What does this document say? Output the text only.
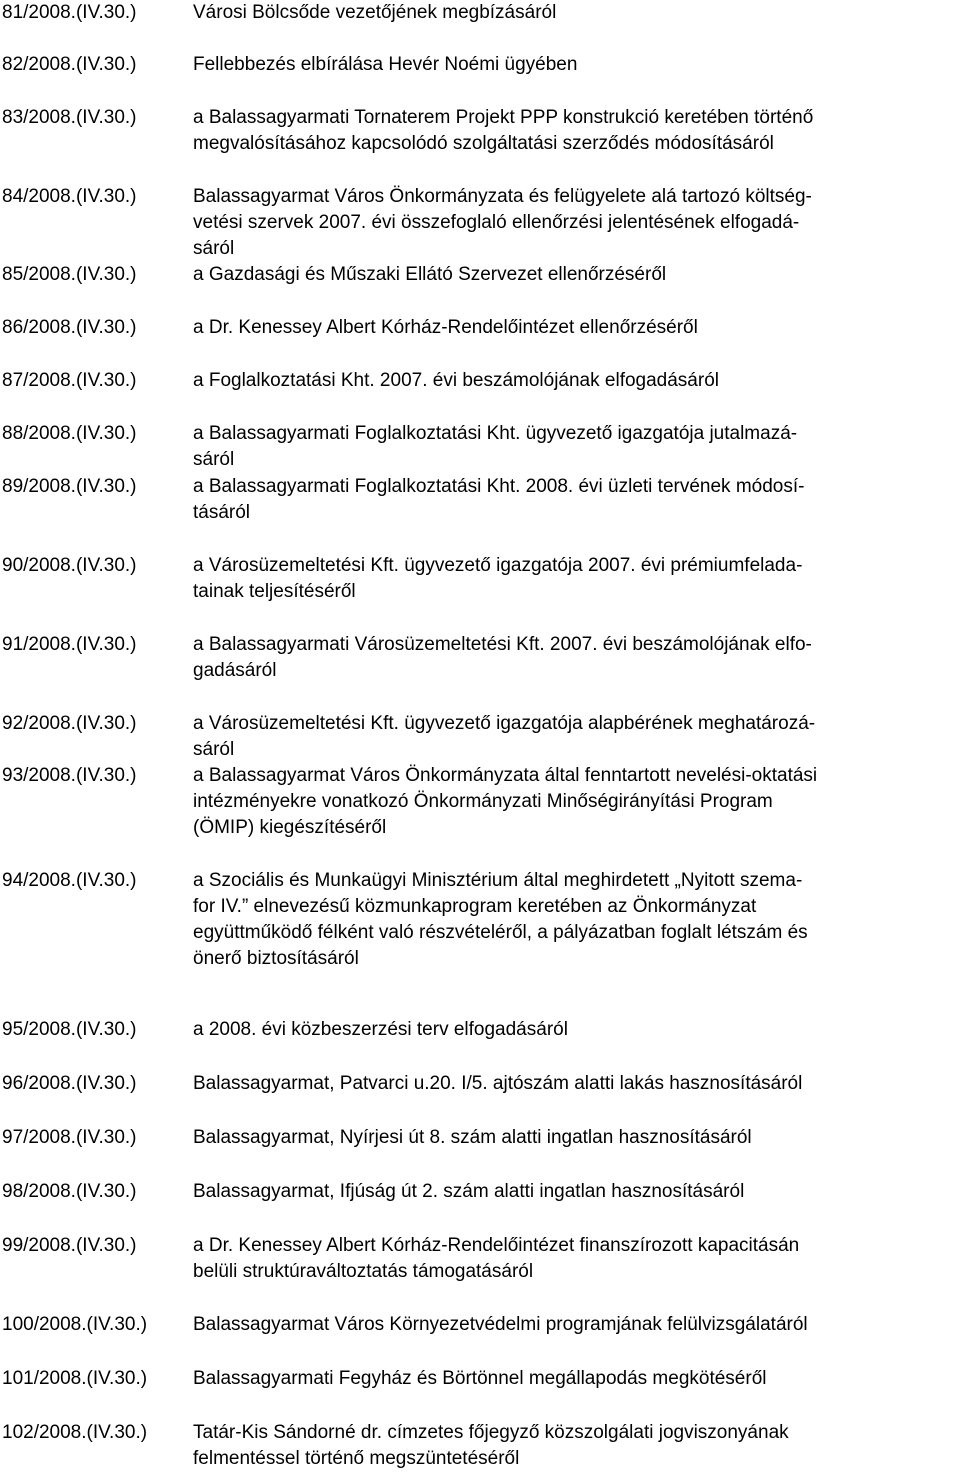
81/2008.(IV.30.)	Városi Bölcsőde vezetőjének megbízásáról
82/2008.(IV.30.)	Fellebbezés elbírálása Hevér Noémi ügyében
83/2008.(IV.30.)	a Balassagyarmati Tornaterem Projekt PPP konstrukció keretében történő
megvalósításához kapcsolódó szolgáltatási szerződés módosításáról
84/2008.(IV.30.)	Balassagyarmat Város Önkormányzata és felügyelete alá tartozó költség-
vetési szervek 2007. évi összefoglaló ellenőrzési jelentésének elfogadá-
sáról
85/2008.(IV.30.)	a Gazdasági és Műszaki Ellátó Szervezet ellenőrzéséről
86/2008.(IV.30.)	a Dr. Kenessey Albert Kórház-Rendelőintézet ellenőrzéséről
87/2008.(IV.30.)	a Foglalkoztatási Kht. 2007. évi beszámolójának elfogadásáról
88/2008.(IV.30.)	a Balassagyarmati Foglalkoztatási Kht. ügyvezető igazgatója jutalmazá-
sáról
89/2008.(IV.30.)	a Balassagyarmati Foglalkoztatási Kht. 2008. évi üzleti tervének módosí-
tásáról
90/2008.(IV.30.)	a Városüzemeltetési Kft. ügyvezető igazgatója 2007. évi prémiumfelada-
tainak teljesítéséről
91/2008.(IV.30.)	a Balassagyarmati Városüzemeltetési Kft. 2007. évi beszámolójának elfo-
gadásáról
92/2008.(IV.30.)	a Városüzemeltetési Kft. ügyvezető igazgatója alapbérének meghatározá-
sáról
93/2008.(IV.30.)	a Balassagyarmat Város Önkormányzata által fenntartott nevelési-oktatási
intézményekre vonatkozó Önkormányzati Minőségirányítási Program
(ÖMIP) kiegészítéséről
94/2008.(IV.30.)	a Szociális és Munkaügyi Minisztérium által meghirdetett „Nyitott szema-
for IV.” elnevezésű közmunkaprogram keretében az Önkormányzat
együttműködő félként való részvételéről, a pályázatban foglalt létszám és
önerő biztosításáról
95/2008.(IV.30.)	a 2008. évi közbeszerzési terv elfogadásáról
96/2008.(IV.30.)	Balassagyarmat, Patvarci u.20. I/5. ajtószám alatti lakás hasznosításáról
97/2008.(IV.30.)	Balassagyarmat, Nyírjesi út 8. szám alatti ingatlan hasznosításáról
98/2008.(IV.30.)	Balassagyarmat, Ifjúság út 2. szám alatti ingatlan hasznosításáról
99/2008.(IV.30.)	a Dr. Kenessey Albert Kórház-Rendelőintézet finanszírozott kapacitásán
belüli struktúraváltoztatás támogatásáról
100/2008.(IV.30.) Balassagyarmat Város Környezetvédelmi programjának felülvizsgálatáról
101/2008.(IV.30.) Balassagyarmati Fegyház és Börtönnel megállapodás megkötéséről
102/2008.(IV.30.) Tatár-Kis Sándorné dr. címzetes főjegyző közszolgálati jogviszonyának
felmentéssel történő megszüntetéséről
